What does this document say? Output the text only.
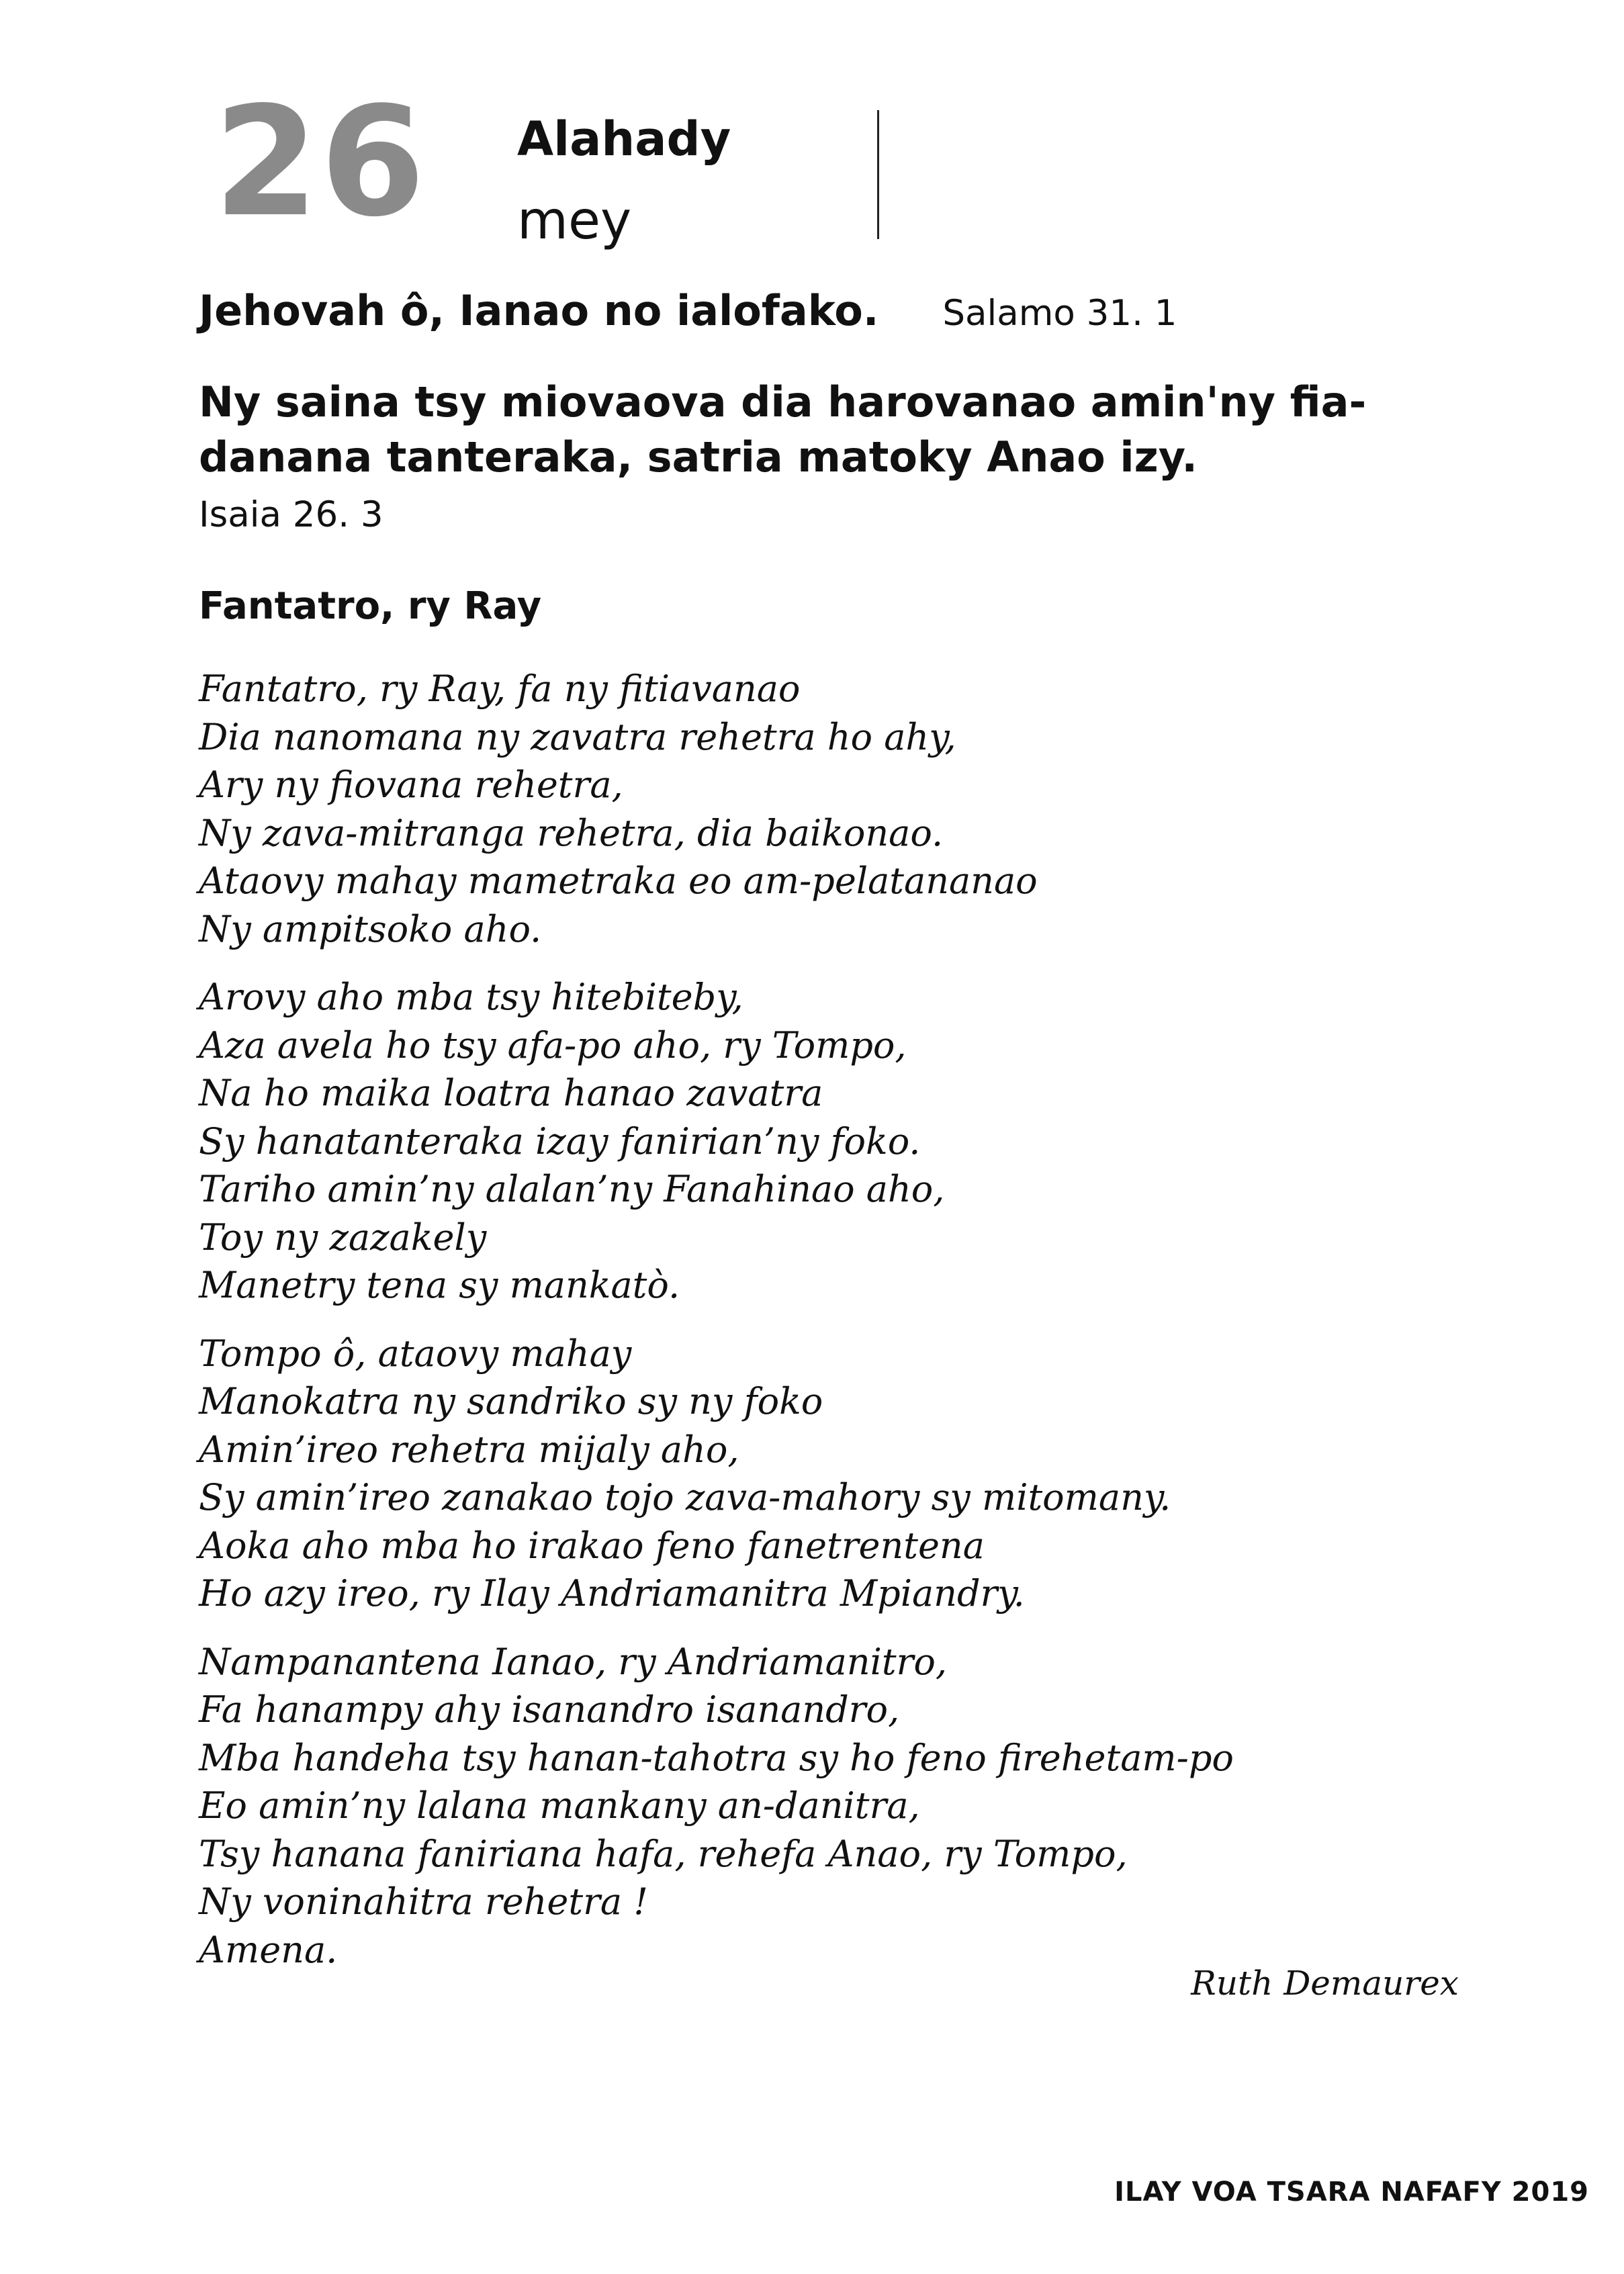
26 Alahady
mey
Jehovah ô, Ianao no ialofako. Salamo 31. 1
Ny saina tsy miovaova dia harovanao amin'ny fia-
danana tanteraka, satria matoky Anao izy.
Isaia 26. 3
Fantatro, ry Ray
Fantatro, ry Ray, fa ny fitiavanao
Dia nanomana ny zavatra rehetra ho ahy,
Ary ny fiovana rehetra,
Ny zava-mitranga rehetra, dia baikonao.
Ataovy mahay mametraka eo am-pelatananao
Ny ampitsoko aho.
Arovy aho mba tsy hitebiteby,
Aza avela ho tsy afa-po aho, ry Tompo,
Na ho maika loatra hanao zavatra
Sy hanatanteraka izay fanirian’ny foko.
Tariho amin’ny alalan’ny Fanahinao aho,
Toy ny zazakely
Manetry tena sy mankatò.
Tompo ô, ataovy mahay
Manokatra ny sandriko sy ny foko
Amin’ireo rehetra mijaly aho,
Sy amin’ireo zanakao tojo zava-mahory sy mitomany.
Aoka aho mba ho irakao feno fanetrentena
Ho azy ireo, ry Ilay Andriamanitra Mpiandry.
Nampanantena Ianao, ry Andriamanitro,
Fa hanampy ahy isanandro isanandro,
Mba handeha tsy hanan-tahotra sy ho feno firehetam-po
Eo amin’ny lalana mankany an-danitra,
Tsy hanana faniriana hafa, rehefa Anao, ry Tompo,
Ny voninahitra rehetra !
Amena.
Ruth Demaurex
ILAY VOA TSARA NAFAFY 2019
